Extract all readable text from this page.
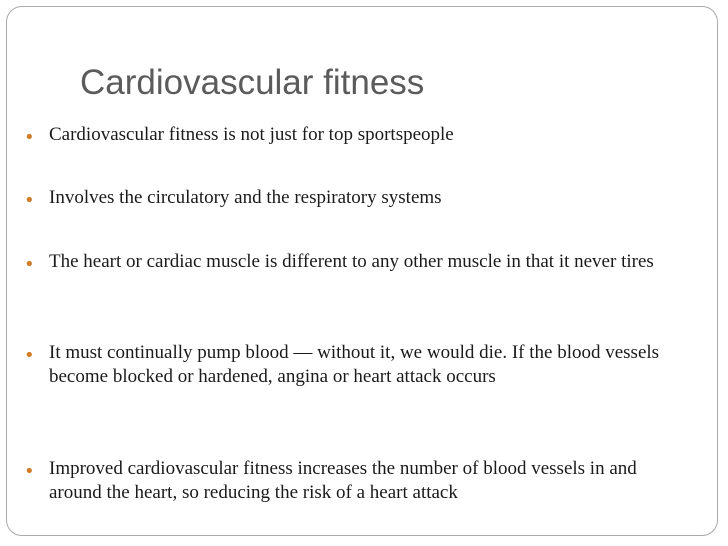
Cardiovascular fitness
• Cardiovascular fitness is not just for top sportspeople
• Involves the circulatory and the respiratory systems
• The heart or cardiac muscle is different to any other muscle in that it never tires
• It must continually pump blood — without it, we would die. If the blood vessels become blocked or hardened, angina or heart attack occurs
• Improved cardiovascular fitness increases the number of blood vessels in and around the heart, so reducing the risk of a heart attack
